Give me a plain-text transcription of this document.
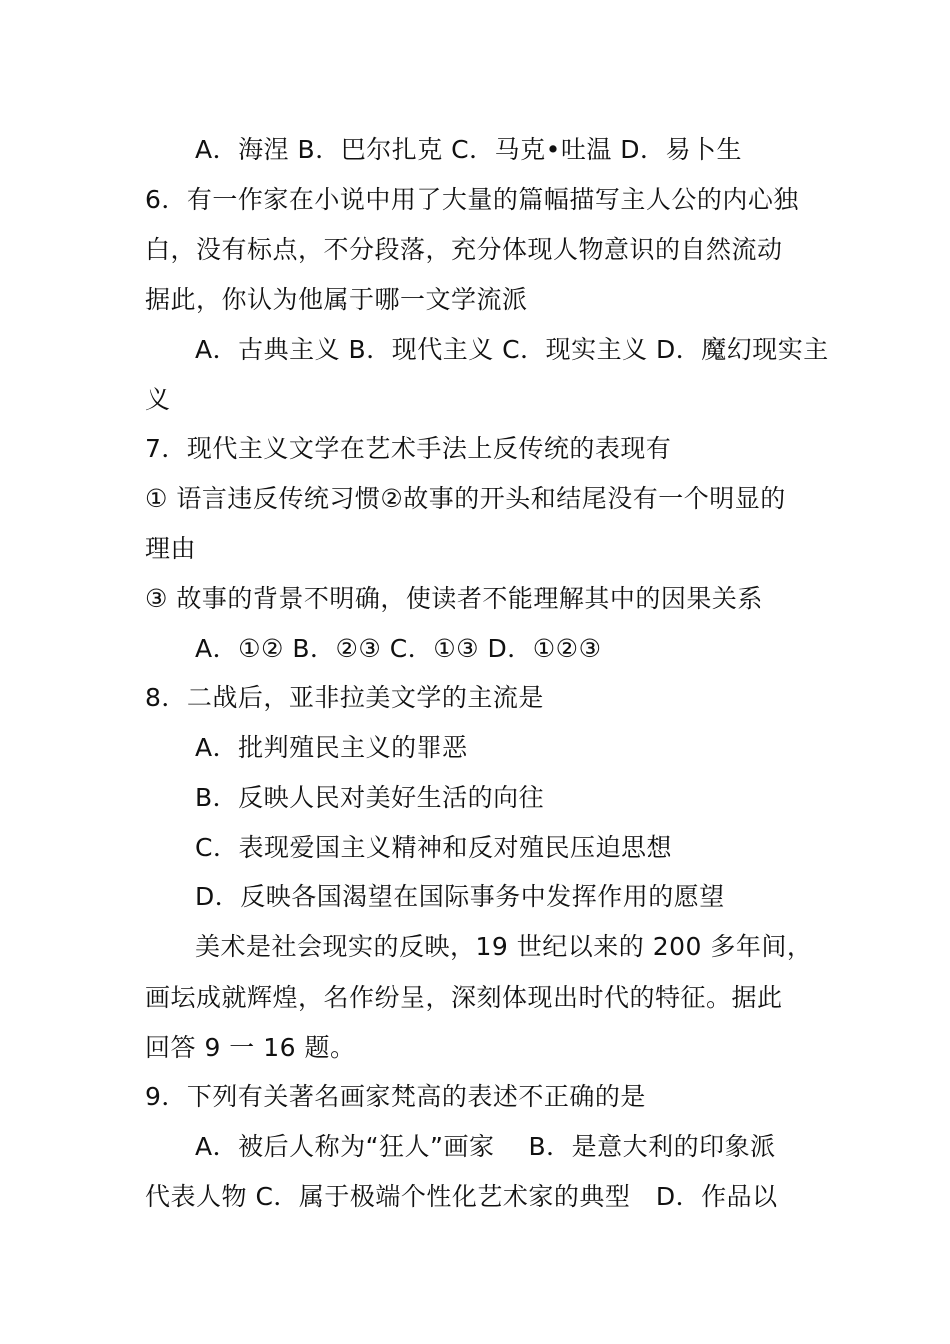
A．海涅 B．巴尔扎克 C．马克•吐温 D．易卜生
6．有一作家在小说中用了大量的篇幅描写主人公的内心独
白，没有标点，不分段落，充分体现人物意识的自然流动
据此，你认为他属于哪一文学流派
A．古典主义 B．现代主义 C．现实主义 D．魔幻现实主
义
7．现代主义文学在艺术手法上反传统的表现有
① 语言违反传统习惯②故事的开头和结尾没有一个明显的
理由
③ 故事的背景不明确，使读者不能理解其中的因果关系
A．①② B．②③ C．①③ D．①②③
8．二战后，亚非拉美文学的主流是
A．批判殖民主义的罪恶
B．反映人民对美好生活的向往
C．表现爱国主义精神和反对殖民压迫思想
D．反映各国渴望在国际事务中发挥作用的愿望
美术是社会现实的反映，19 世纪以来的 200 多年间，
画坛成就辉煌，名作纷呈，深刻体现出时代的特征。据此
回答 9 一 16 题。
9．下列有关著名画家梵高的表述不正确的是
A．被后人称为“狂人”画家　 B．是意大利的印象派
代表人物 C．属于极端个性化艺术家的典型　D．作品以
